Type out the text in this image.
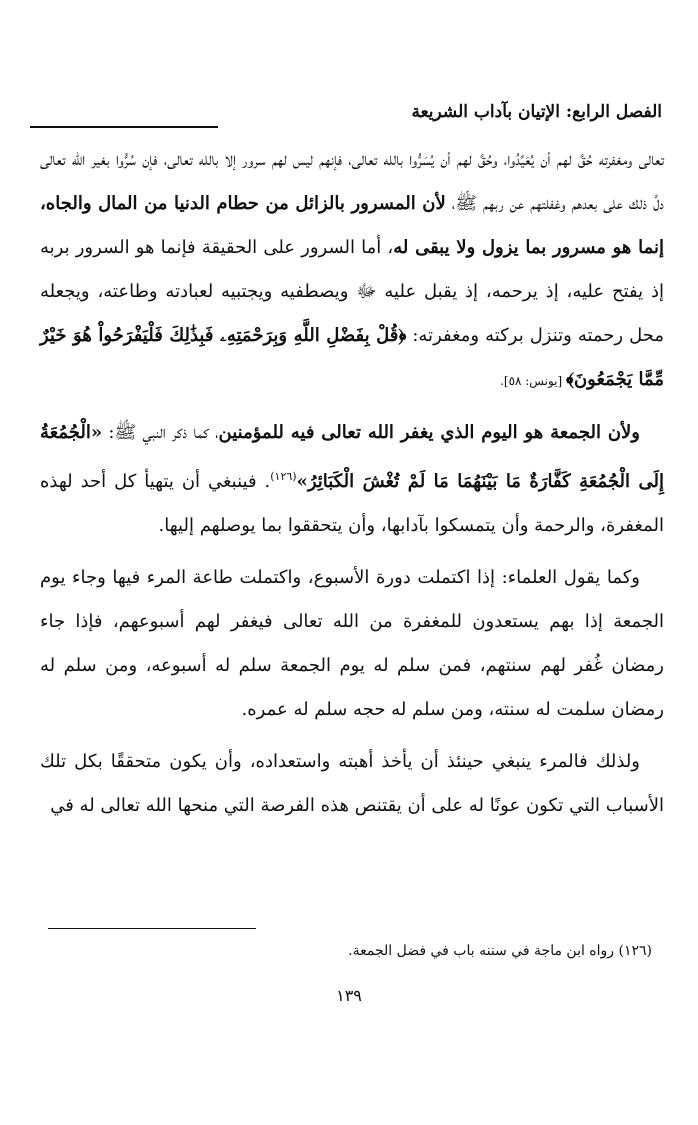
الفصل الرابع: الإتيان بآداب الشريعة

تعالى ومغفرته حُقَّ لهم أن يُعَيِّدُوا، وحُقَّ لهم أن يُسَرُّوا بالله تعالى، فإنهم ليس لهم سرور إلا بالله تعالى، فإن سُرُّوا بغير الله تعالى دلَّ ذلك على بعدهم وغفلتهم عن ربهم ﷺ، لأن المسرور بالزائل من حطام الدنيا من المال والجاه، إنما هو مسرور بما يزول ولا يبقى له، أما السرور على الحقيقة فإنما هو السرور بربه إذ يفتح عليه، إذ يرحمه، إذ يقبل عليه ﷻ ويصطفيه ويجتبيه لعبادته وطاعته، ويجعله محل رحمته وتنزل بركته ومغفرته: ﴿قُلْ بِفَضْلِ اللَّهِ وَبِرَحْمَتِهِۦ فَبِذَٰلِكَ فَلْيَفْرَحُواْ هُوَ خَيْرٌ مِّمَّا يَجْمَعُونَ﴾ [يونس: ٥٨].

ولأن الجمعة هو اليوم الذي يغفر الله تعالى فيه للمؤمنين، كما ذكر النبي ﷺ: «الْجُمُعَةُ إِلَى الْجُمُعَةِ كَفَّارَةٌ مَا بَيْنَهُمَا مَا لَمْ تُغْشَ الْكَبَائِرُ»$^{(١٢٦)}$. فينبغي أن يتهيأ كل أحد لهذه المغفرة، والرحمة وأن يتمسكوا بآدابها، وأن يتحققوا بما يوصلهم إليها.

وكما يقول العلماء: إذا اكتملت دورة الأسبوع، واكتملت طاعة المرء فيها وجاء يوم الجمعة إذا بهم يستعدون للمغفرة من الله تعالى فيغفر لهم أسبوعهم، فإذا جاء رمضان غُفر لهم سنتهم، فمن سلم له يوم الجمعة سلم له أسبوعه، ومن سلم له رمضان سلمت له سنته، ومن سلم له حجه سلم له عمره.

ولذلك فالمرء ينبغي حينئذ أن يأخذ أهبته واستعداده، وأن يكون متحققًا بكل تلك الأسباب التي تكون عونًا له على أن يقتنص هذه الفرصة التي منحها الله تعالى له في

(١٢٦) رواه ابن ماجة في سننه باب في فضل الجمعة.
١٣٩
